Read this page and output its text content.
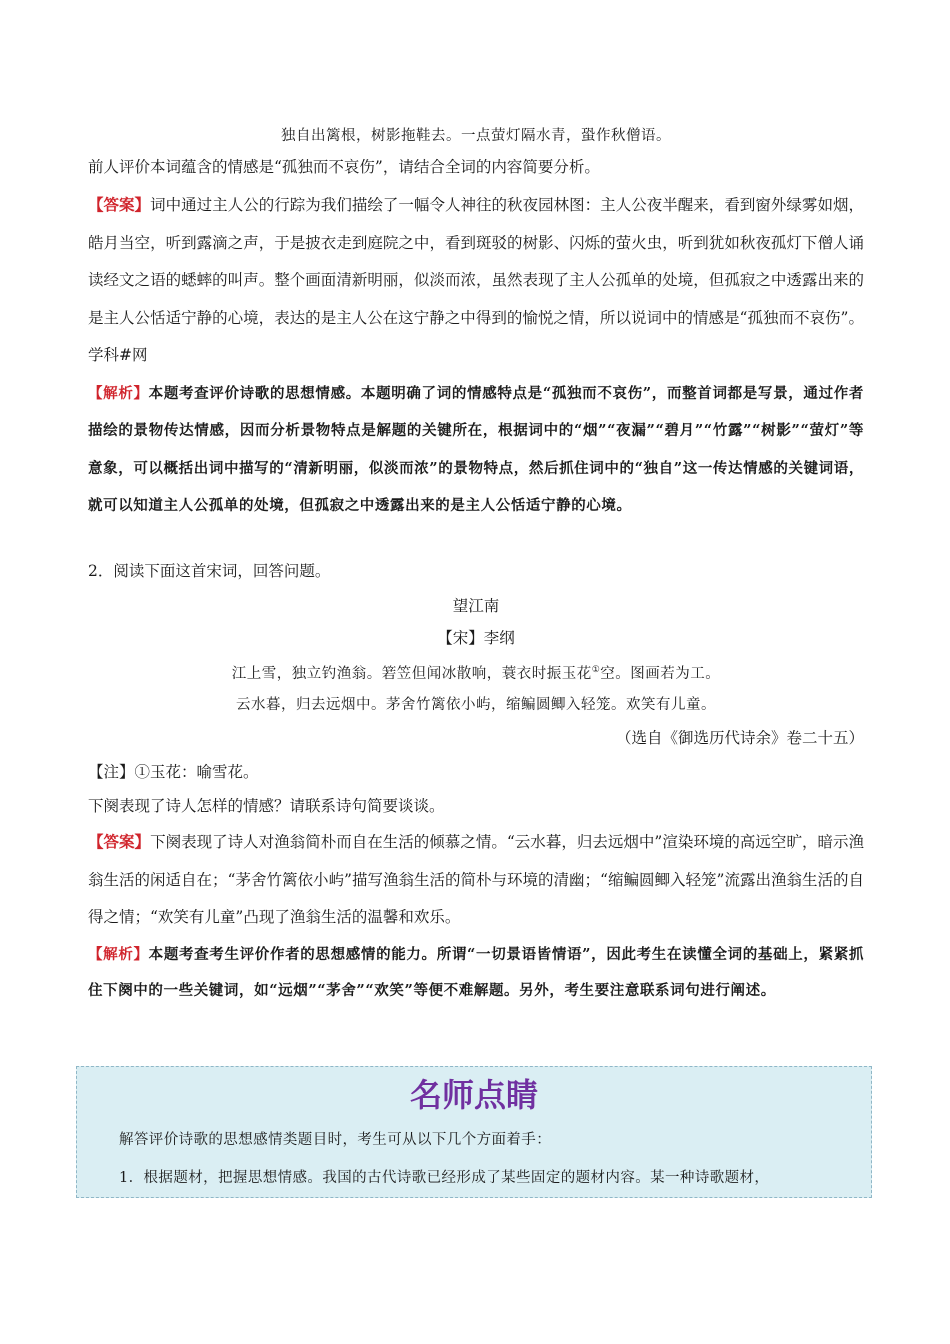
独自出篱根，树影拖鞋去。一点萤灯隔水青，蛩作秋僧语。

前人评价本词蕴含的情感是“孤独而不哀伤”，请结合全词的内容简要分析。

【答案】词中通过主人公的行踪为我们描绘了一幅令人神往的秋夜园林图：主人公夜半醒来，看到窗外绿雾如烟，皓月当空，听到露滴之声，于是披衣走到庭院之中，看到斑驳的树影、闪烁的萤火虫，听到犹如秋夜孤灯下僧人诵读经文之语的蟋蟀的叫声。整个画面清新明丽，似淡而浓，虽然表现了主人公孤单的处境，但孤寂之中透露出来的是主人公恬适宁静的心境，表达的是主人公在这宁静之中得到的愉悦之情，所以说词中的情感是“孤独而不哀伤”。 学科#网

【解析】本题考查评价诗歌的思想情感。本题明确了词的情感特点是“孤独而不哀伤”，而整首词都是写景，通过作者描绘的景物传达情感，因而分析景物特点是解题的关键所在，根据词中的“烟”“夜漏”“碧月”“竹露”“树影”“萤灯”等意象，可以概括出词中描写的“清新明丽，似淡而浓”的景物特点，然后抓住词中的“独自”这一传达情感的关键词语，就可以知道主人公孤单的处境，但孤寂之中透露出来的是主人公恬适宁静的心境。

2．阅读下面这首宋词，回答问题。

望江南

【宋】李纲

江上雪，独立钓渔翁。箬笠但闻冰散响，蓑衣时振玉花①空。图画若为工。

云水暮，归去远烟中。茅舍竹篱依小屿，缩鳊圆鲫入轻笼。欢笑有儿童。

（选自《御选历代诗余》卷二十五）

【注】①玉花：喻雪花。

下阕表现了诗人怎样的情感？请联系诗句简要谈谈。

【答案】下阕表现了诗人对渔翁简朴而自在生活的倾慕之情。“云水暮，归去远烟中”渲染环境的高远空旷，暗示渔翁生活的闲适自在；“茅舍竹篱依小屿”描写渔翁生活的简朴与环境的清幽；“缩鳊圆鲫入轻笼”流露出渔翁生活的自得之情；“欢笑有儿童”凸现了渔翁生活的温馨和欢乐。

【解析】本题考查考生评价作者的思想感情的能力。所谓“一切景语皆情语”，因此考生在读懂全词的基础上，紧紧抓住下阕中的一些关键词，如“远烟”“茅舍”“欢笑”等便不难解题。另外，考生要注意联系词句进行阐述。

名师点睛

解答评价诗歌的思想感情类题目时，考生可从以下几个方面着手：

1．根据题材，把握思想情感。我国的古代诗歌已经形成了某些固定的题材内容。某一种诗歌题材，
